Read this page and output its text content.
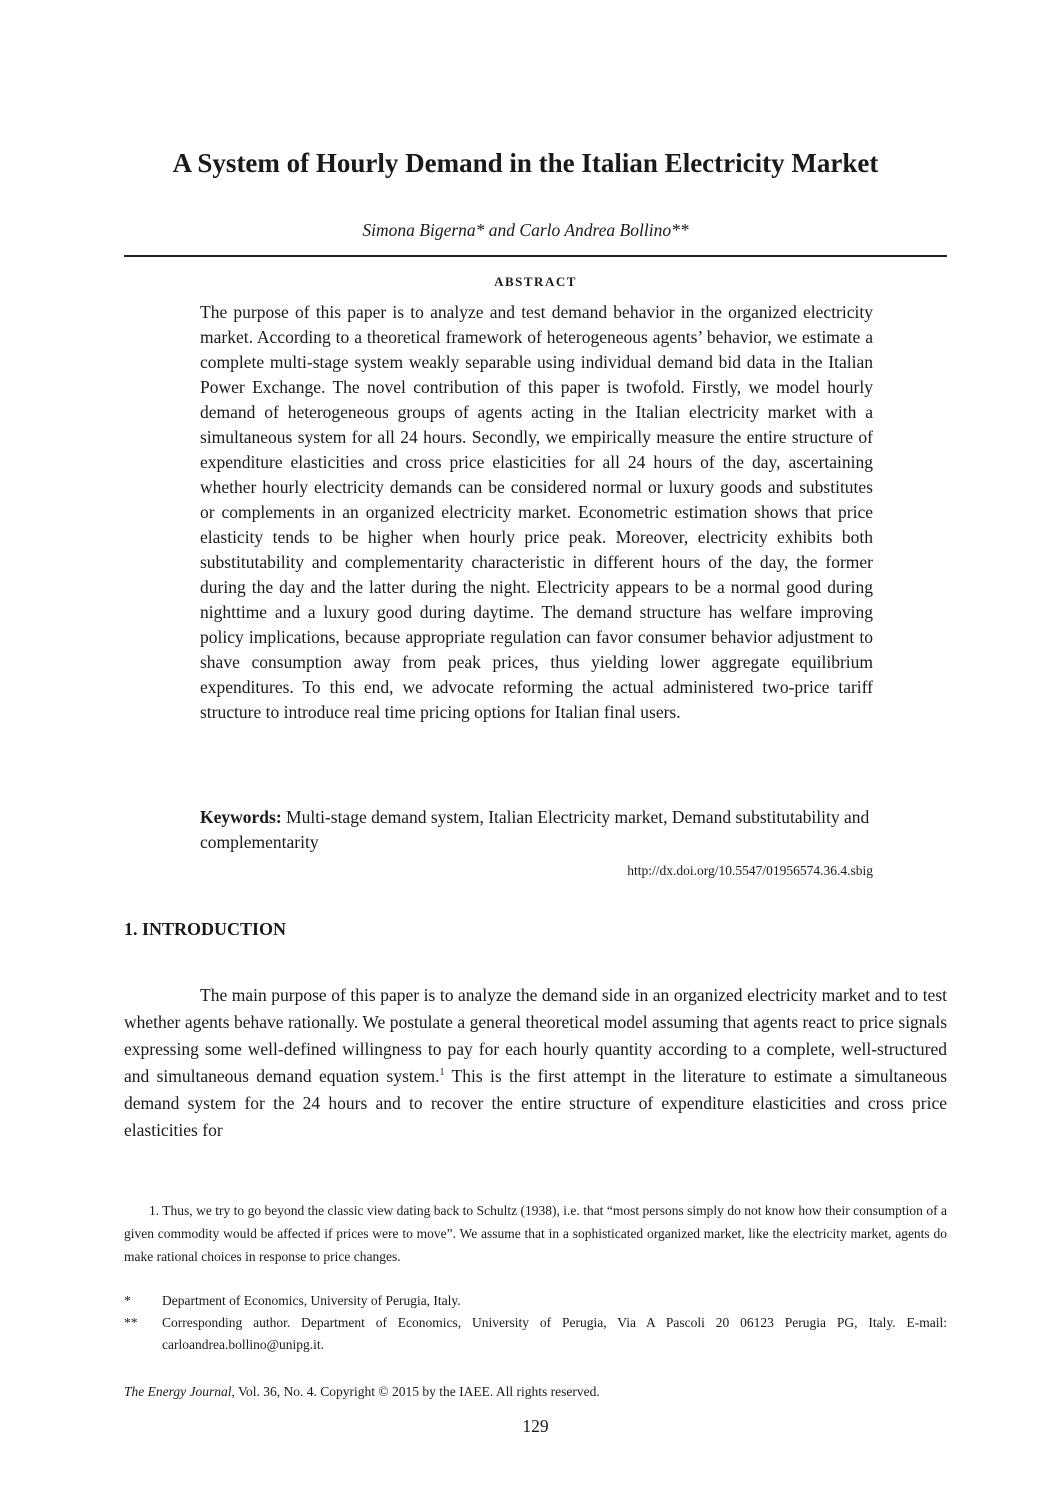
A System of Hourly Demand in the Italian Electricity Market
Simona Bigerna* and Carlo Andrea Bollino**
ABSTRACT

The purpose of this paper is to analyze and test demand behavior in the organized electricity market. According to a theoretical framework of heterogeneous agents’ behavior, we estimate a complete multi-stage system weakly separable using individual demand bid data in the Italian Power Exchange. The novel contribution of this paper is twofold. Firstly, we model hourly demand of heterogeneous groups of agents acting in the Italian electricity market with a simultaneous system for all 24 hours. Secondly, we empirically measure the entire structure of expenditure elasticities and cross price elasticities for all 24 hours of the day, ascertaining whether hourly electricity demands can be considered normal or luxury goods and substitutes or complements in an organized electricity market. Econometric estimation shows that price elasticity tends to be higher when hourly price peak. Moreover, electricity exhibits both substitutability and complementarity characteristic in different hours of the day, the former during the day and the latter during the night. Electricity appears to be a normal good during nighttime and a luxury good during daytime. The demand structure has welfare improving policy implications, because appropriate regulation can favor consumer behavior adjustment to shave consumption away from peak prices, thus yielding lower aggregate equilibrium expenditures. To this end, we advocate reforming the actual administered two-price tariff structure to introduce real time pricing options for Italian final users.

Keywords: Multi-stage demand system, Italian Electricity market, Demand substitutability and complementarity

http://dx.doi.org/10.5547/01956574.36.4.sbig
1. INTRODUCTION

The main purpose of this paper is to analyze the demand side in an organized electricity market and to test whether agents behave rationally. We postulate a general theoretical model assuming that agents react to price signals expressing some well-defined willingness to pay for each hourly quantity according to a complete, well-structured and simultaneous demand equation system.$^1$ This is the first attempt in the literature to estimate a simultaneous demand system for the 24 hours and to recover the entire structure of expenditure elasticities and cross price elasticities for

1. Thus, we try to go beyond the classic view dating back to Schultz (1938), i.e. that “most persons simply do not know how their consumption of a given commodity would be affected if prices were to move”. We assume that in a sophisticated organized market, like the electricity market, agents do make rational choices in response to price changes.

*	Department of Economics, University of Perugia, Italy.
**	Corresponding author. Department of Economics, University of Perugia, Via A Pascoli 20 06123 Perugia PG, Italy. E-mail: carloandrea.bollino@unipg.it.
The Energy Journal, Vol. 36, No. 4. Copyright © 2015 by the IAEE. All rights reserved.
129
